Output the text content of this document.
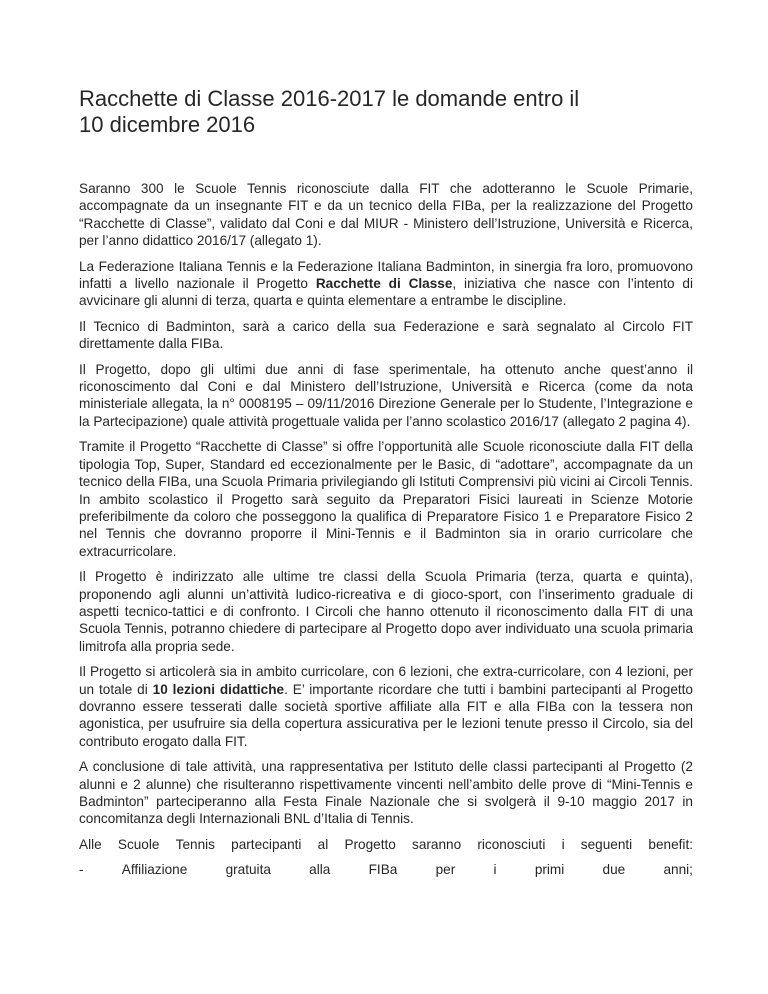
Racchette di Classe 2016-2017 le domande entro il 10 dicembre 2016

Saranno 300 le Scuole Tennis riconosciute dalla FIT che adotteranno le Scuole Primarie, accompagnate da un insegnante FIT e da un tecnico della FIBa, per la realizzazione del Progetto “Racchette di Classe”, validato dal Coni e dal MIUR - Ministero dell’Istruzione, Università e Ricerca, per l’anno didattico 2016/17 (allegato 1).

La Federazione Italiana Tennis e la Federazione Italiana Badminton, in sinergia fra loro, promuovono infatti a livello nazionale il Progetto Racchette di Classe, iniziativa che nasce con l’intento di avvicinare gli alunni di terza, quarta e quinta elementare a entrambe le discipline.

Il Tecnico di Badminton, sarà a carico della sua Federazione e sarà segnalato al Circolo FIT direttamente dalla FIBa.

Il Progetto, dopo gli ultimi due anni di fase sperimentale, ha ottenuto anche quest’anno il riconoscimento dal Coni e dal Ministero dell’Istruzione, Università e Ricerca (come da nota ministeriale allegata, la n° 0008195 – 09/11/2016 Direzione Generale per lo Studente, l’Integrazione e la Partecipazione) quale attività progettuale valida per l’anno scolastico 2016/17 (allegato 2 pagina 4).

Tramite il Progetto “Racchette di Classe” si offre l’opportunità alle Scuole riconosciute dalla FIT della tipologia Top, Super, Standard ed eccezionalmente per le Basic, di “adottare”, accompagnate da un tecnico della FIBa, una Scuola Primaria privilegiando gli Istituti Comprensivi più vicini ai Circoli Tennis. In ambito scolastico il Progetto sarà seguito da Preparatori Fisici laureati in Scienze Motorie preferibilmente da coloro che posseggono la qualifica di Preparatore Fisico 1 e Preparatore Fisico 2 nel Tennis che dovranno proporre il Mini-Tennis e il Badminton sia in orario curricolare che extracurricolare.

Il Progetto è indirizzato alle ultime tre classi della Scuola Primaria (terza, quarta e quinta), proponendo agli alunni un’attività ludico-ricreativa e di gioco-sport, con l’inserimento graduale di aspetti tecnico-tattici e di confronto. I Circoli che hanno ottenuto il riconoscimento dalla FIT di una Scuola Tennis, potranno chiedere di partecipare al Progetto dopo aver individuato una scuola primaria limitrofa alla propria sede.

Il Progetto si articolerà sia in ambito curricolare, con 6 lezioni, che extra-curricolare, con 4 lezioni, per un totale di 10 lezioni didattiche. E’ importante ricordare che tutti i bambini partecipanti al Progetto dovranno essere tesserati dalle società sportive affiliate alla FIT e alla FIBa con la tessera non agonistica, per usufruire sia della copertura assicurativa per le lezioni tenute presso il Circolo, sia del contributo erogato dalla FIT.

A conclusione di tale attività, una rappresentativa per Istituto delle classi partecipanti al Progetto (2 alunni e 2 alunne) che risulteranno rispettivamente vincenti nell’ambito delle prove di “Mini-Tennis e Badminton” parteciperanno alla Festa Finale Nazionale che si svolgerà il 9-10 maggio 2017 in concomitanza degli Internazionali BNL d’Italia di Tennis.

Alle Scuole Tennis partecipanti al Progetto saranno riconosciuti i seguenti benefit:
-	Affiliazione	gratuita	alla	FIBa	per	i	primi	due	anni;
